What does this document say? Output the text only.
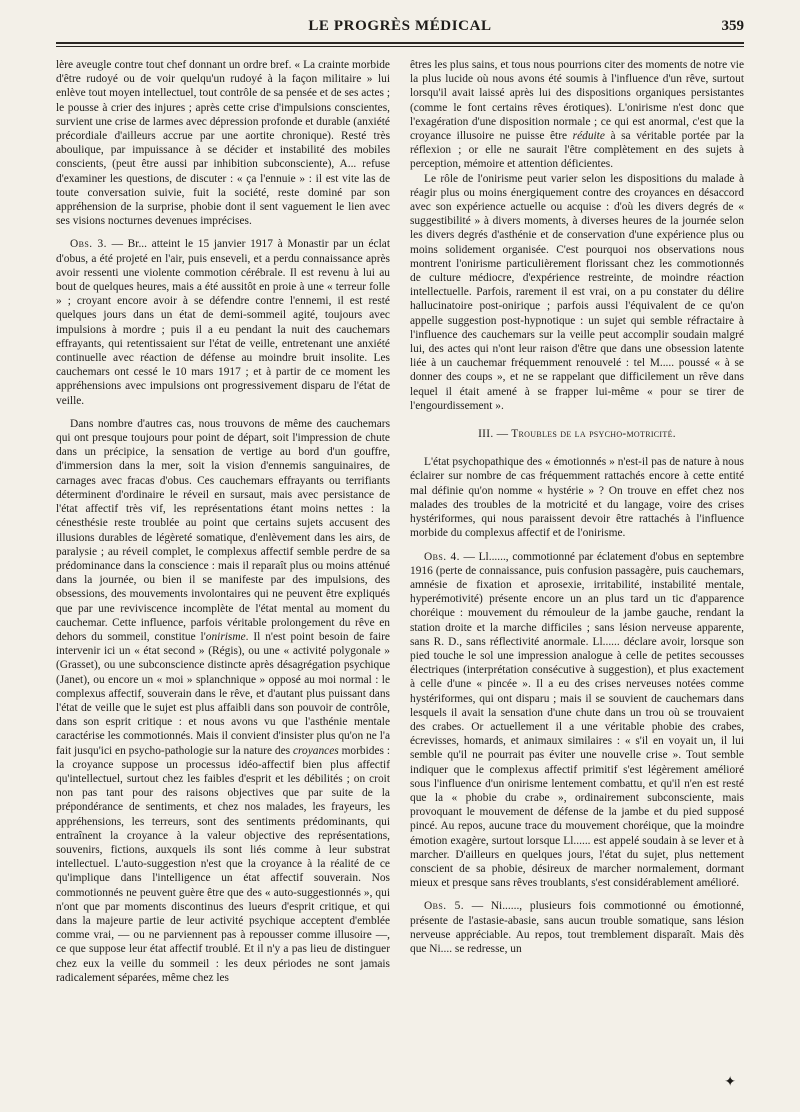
LE PROGRÈS MÉDICAL	359

lère aveugle contre tout chef donnant un ordre bref. « La crainte morbide d'être rudoyé ou de voir quelqu'un rudoyé à la façon militaire » lui enlève tout moyen intellectuel, tout contrôle de sa pensée et de ses actes ; le pousse à crier des injures ; après cette crise d'impulsions conscientes, survient une crise de larmes avec dépression profonde et durable (anxiété précordiale d'ailleurs accrue par une aortite chronique). Resté très aboulique, par impuissance à se décider et instabilité des mobiles conscients, (peut être aussi par inhibition subconsciente), A... refuse d'examiner les questions, de discuter : « ça l'ennuie » : il est vite las de toute conversation suivie, fuit la société, reste dominé par son appréhension de la surprise, phobie dont il sent vaguement le lien avec ses visions nocturnes devenues imprécises.

Obs. 3. — Br... atteint le 15 janvier 1917 à Monastir par un éclat d'obus, a été projeté en l'air, puis enseveli, et a perdu connaissance après avoir ressenti une violente commotion cérébrale. Il est revenu à lui au bout de quelques heures, mais a été aussitôt en proie à une « terreur folle » ; croyant encore avoir à se défendre contre l'ennemi, il est resté quelques jours dans un état de demi-sommeil agité, toujours avec impulsions à mordre ; puis il a eu pendant la nuit des cauchemars effrayants, qui retentissaient sur l'état de veille, entretenant une anxiété continuelle avec réaction de défense au moindre bruit insolite. Les cauchemars ont cessé le 10 mars 1917 ; et à partir de ce moment les appréhensions avec impulsions ont progressivement disparu de l'état de veille.

Dans nombre d'autres cas, nous trouvons de même des cauchemars qui ont presque toujours pour point de départ, soit l'impression de chute dans un précipice, la sensation de vertige au bord d'un gouffre, d'immersion dans la mer, soit la vision d'ennemis sanguinaires, de carnages avec fracas d'obus. Ces cauchemars effrayants ou terrifiants déterminent d'ordinaire le réveil en sursaut, mais avec persistance de l'état affectif très vif, les représentations étant moins nettes : la cénesthésie reste troublée au point que certains sujets accusent des illusions durables de légèreté somatique, d'enlèvement dans les airs, de paralysie ; au réveil complet, le complexus affectif semble perdre de sa prédominance dans la conscience : mais il reparaît plus ou moins atténué dans la journée, ou bien il se manifeste par des impulsions, des obsessions, des mouvements involontaires qui ne peuvent être expliqués que par une reviviscence incomplète de l'état mental au moment du cauchemar. Cette influence, parfois véritable prolongement du rêve en dehors du sommeil, constitue l'onirisme. Il n'est point besoin de faire intervenir ici un « état second » (Régis), ou une « activité polygonale » (Grasset), ou une subconscience distincte après désagrégation psychique (Janet), ou encore un « moi » splanchnique » opposé au moi normal : le complexus affectif, souverain dans le rêve, et d'autant plus puissant dans l'état de veille que le sujet est plus affaibli dans son pouvoir de contrôle, dans son esprit critique : et nous avons vu que l'asthénie mentale caractérise les commotionnés. Mais il convient d'insister plus qu'on ne l'a fait jusqu'ici en psycho-pathologie sur la nature des croyances morbides : la croyance suppose un processus idéo-affectif bien plus affectif qu'intellectuel, surtout chez les faibles d'esprit et les débilités ; on croit non pas tant pour des raisons objectives que par suite de la prépondérance de sentiments, et chez nos malades, les frayeurs, les appréhensions, les terreurs, sont des sentiments prédominants, qui entraînent la croyance à la valeur objective des représentations, souvenirs, fictions, auxquels ils sont liés comme à leur substrat intellectuel. L'auto-suggestion n'est que la croyance à la réalité de ce qu'implique dans l'intelligence un état affectif souverain. Nos commotionnés ne peuvent guère être que des « auto-suggestionnés », qui n'ont que par moments discontinus des lueurs d'esprit critique, et qui dans la majeure partie de leur activité psychique acceptent d'emblée comme vrai, — ou ne parviennent pas à repousser comme illusoire —, ce que suppose leur état affectif troublé. Et il n'y a pas lieu de distinguer chez eux la veille du sommeil : les deux périodes ne sont jamais radicalement séparées, même chez les

êtres les plus sains, et tous nous pourrions citer des moments de notre vie la plus lucide où nous avons été soumis à l'influence d'un rêve, surtout lorsqu'il avait laissé après lui des dispositions organiques persistantes (comme le font certains rêves érotiques). L'onirisme n'est donc que l'exagération d'une disposition normale ; ce qui est anormal, c'est que la croyance illusoire ne puisse être réduite à sa véritable portée par la réflexion ; or elle ne saurait l'être complètement en des sujets à perception, mémoire et attention déficientes.

Le rôle de l'onirisme peut varier selon les dispositions du malade à réagir plus ou moins énergiquement contre des croyances en désaccord avec son expérience actuelle ou acquise : d'où les divers degrés de « suggestibilité » à divers moments, à diverses heures de la journée selon les divers degrés d'asthénie et de conservation d'une expérience plus ou moins solidement organisée. C'est pourquoi nos observations nous montrent l'onirisme particulièrement florissant chez les commotionnés de culture médiocre, d'expérience restreinte, de moindre réaction intellectuelle. Parfois, rarement il est vrai, on a pu constater du délire hallucinatoire post-onirique ; parfois aussi l'équivalent de ce qu'on appelle suggestion post-hypnotique : un sujet qui semble réfractaire à l'influence des cauchemars sur la veille peut accomplir soudain malgré lui, des actes qui n'ont leur raison d'être que dans une obsession latente liée à un cauchemar fréquemment renouvelé : tel M..... poussé « à se donner des coups », et ne se rappelant que difficilement un rêve dans lequel il était amené à se frapper lui-même « pour se tirer de l'engourdissement ».

III. — Troubles de la psycho-motricité.

L'état psychopathique des « émotionnés » n'est-il pas de nature à nous éclairer sur nombre de cas fréquemment rattachés encore à cette entité mal définie qu'on nomme « hystérie » ? On trouve en effet chez nos malades des troubles de la motricité et du langage, voire des crises hystériformes, qui nous paraissent devoir être rattachés à l'influence morbide du complexus affectif et de l'onirisme.

Obs. 4. — Ll......, commotionné par éclatement d'obus en septembre 1916 (perte de connaissance, puis confusion passagère, puis cauchemars, amnésie de fixation et aprosexie, irritabilité, instabilité mentale, hyperémotivité) présente encore un an plus tard un tic d'apparence choréique : mouvement du rémouleur de la jambe gauche, rendant la station droite et la marche difficiles ; sans lésion nerveuse apparente, sans R. D., sans réflectivité anormale. Ll...... déclare avoir, lorsque son pied touche le sol une impression analogue à celle de petites secousses électriques (interprétation consécutive à suggestion), et plus exactement à celle d'une « pincée ». Il a eu des crises nerveuses notées comme hystériformes, qui ont disparu ; mais il se souvient de cauchemars dans lesquels il avait la sensation d'une chute dans un trou où se trouvaient des crabes. Or actuellement il a une véritable phobie des crabes, écrevisses, homards, et animaux similaires : « s'il en voyait un, il lui semble qu'il ne pourrait pas éviter une nouvelle crise ». Tout semble indiquer que le complexus affectif primitif s'est légèrement amélioré sous l'influence d'un onirisme lentement combattu, et qu'il n'en est resté que la « phobie du crabe », ordinairement subconsciente, mais provoquant le mouvement de défense de la jambe et du pied supposé pincé. Au repos, aucune trace du mouvement choréique, que la moindre émotion exagère, surtout lorsque Ll...... est appelé soudain à se lever et à marcher. D'ailleurs en quelques jours, l'état du sujet, plus nettement conscient de sa phobie, désireux de marcher normalement, dormant mieux et presque sans rêves troublants, s'est considérablement amélioré.

Obs. 5. — Ni......, plusieurs fois commotionné ou émotionné, présente de l'astasie-abasie, sans aucun trouble somatique, sans lésion nerveuse appréciable. Au repos, tout tremblement disparaît. Mais dès que Ni.... se redresse, un

✦
